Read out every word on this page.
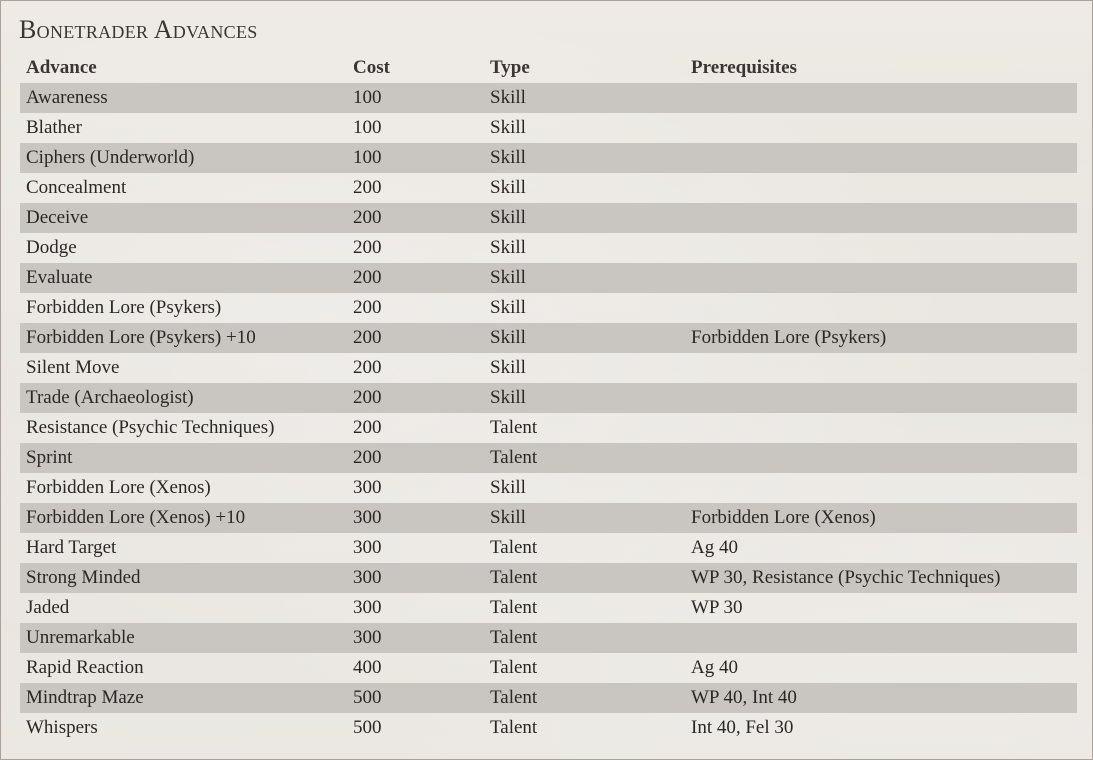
Bonetrader Advances
Advance	Cost	Type	Prerequisites
Awareness	100	Skill
Blather	100	Skill
Ciphers (Underworld)	100	Skill
Concealment	200	Skill
Deceive	200	Skill
Dodge	200	Skill
Evaluate	200	Skill
Forbidden Lore (Psykers)	200	Skill
Forbidden Lore (Psykers) +10	200	Skill	Forbidden Lore (Psykers)
Silent Move	200	Skill
Trade (Archaeologist)	200	Skill
Resistance (Psychic Techniques)	200	Talent
Sprint	200	Talent
Forbidden Lore (Xenos)	300	Skill
Forbidden Lore (Xenos) +10	300	Skill	Forbidden Lore (Xenos)
Hard Target	300	Talent	Ag 40
Strong Minded	300	Talent	WP 30, Resistance (Psychic Techniques)
Jaded	300	Talent	WP 30
Unremarkable	300	Talent
Rapid Reaction	400	Talent	Ag 40
Mindtrap Maze	500	Talent	WP 40, Int 40
Whispers	500	Talent	Int 40, Fel 30
